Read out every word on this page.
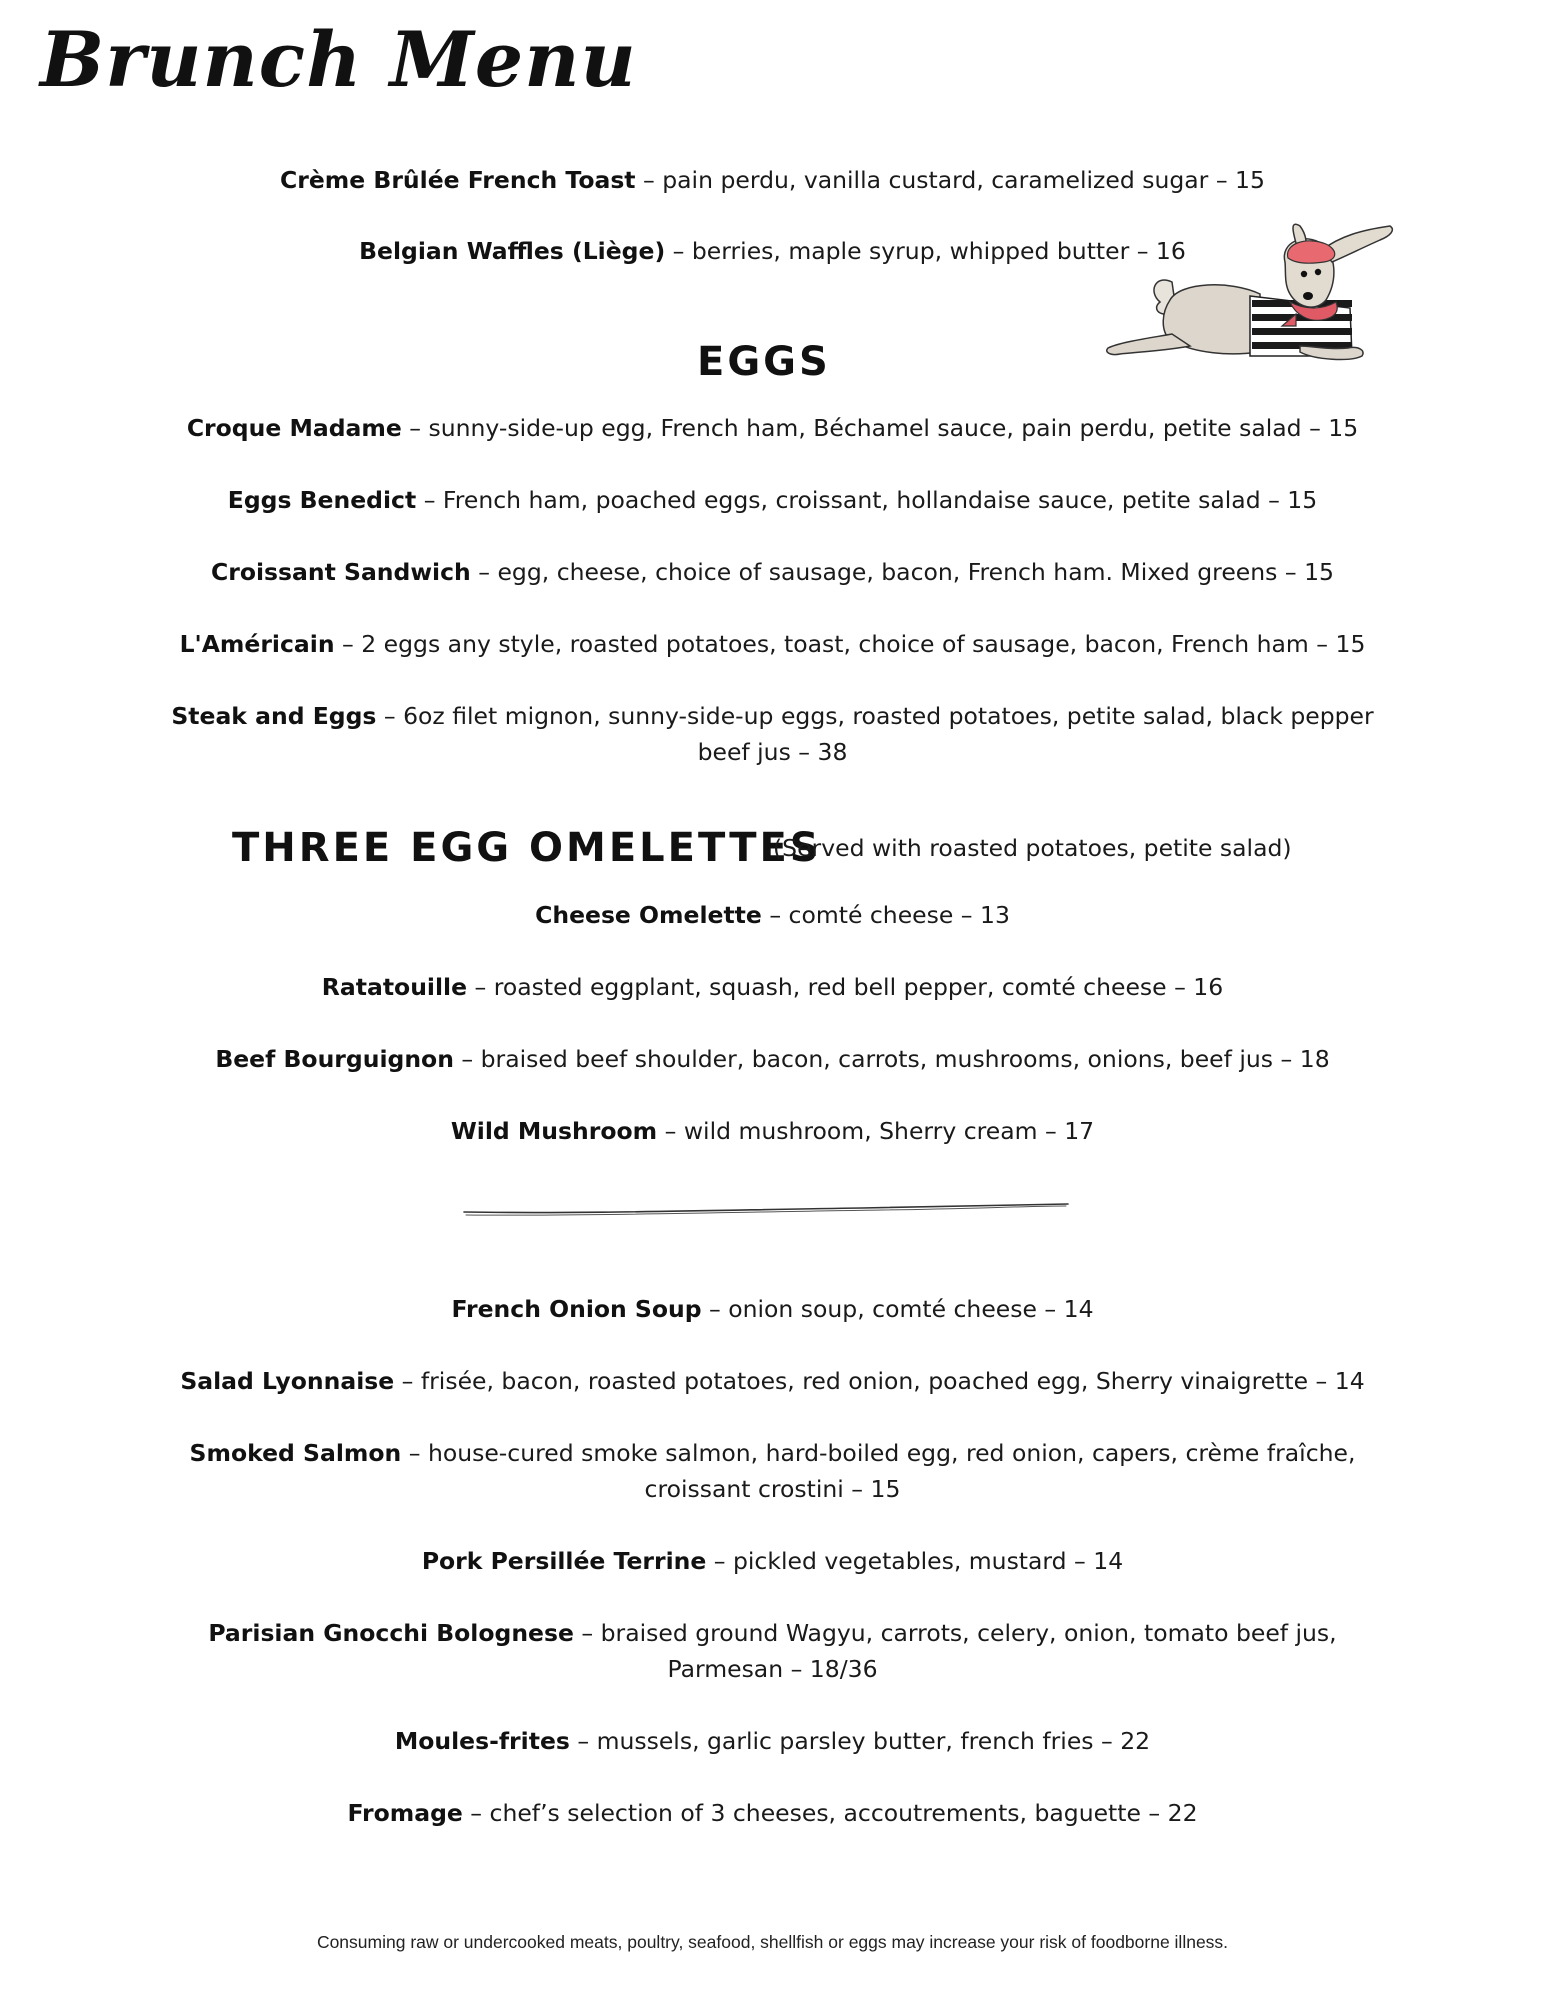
Brunch Menu
Crème Brûlée French Toast – pain perdu, vanilla custard, caramelized sugar – 15
Belgian Waffles (Liège) – berries, maple syrup, whipped butter – 16
EGGS
Croque Madame – sunny-side-up egg, French ham, Béchamel sauce, pain perdu, petite salad – 15
Eggs Benedict – French ham, poached eggs, croissant, hollandaise sauce, petite salad – 15
Croissant Sandwich – egg, cheese, choice of sausage, bacon, French ham. Mixed greens – 15
L'Américain – 2 eggs any style, roasted potatoes, toast, choice of sausage, bacon, French ham – 15
Steak and Eggs – 6oz filet mignon, sunny-side-up eggs, roasted potatoes, petite salad, black pepper beef jus – 38
THREE EGG OMELETTES
(Served with roasted potatoes, petite salad)
Cheese Omelette – comté cheese – 13
Ratatouille – roasted eggplant, squash, red bell pepper, comté cheese – 16
Beef Bourguignon – braised beef shoulder, bacon, carrots, mushrooms, onions, beef jus – 18
Wild Mushroom – wild mushroom, Sherry cream – 17
French Onion Soup – onion soup, comté cheese – 14
Salad Lyonnaise – frisée, bacon, roasted potatoes, red onion, poached egg, Sherry vinaigrette – 14
Smoked Salmon – house-cured smoke salmon, hard-boiled egg, red onion, capers, crème fraîche, croissant crostini – 15
Pork Persillée Terrine – pickled vegetables, mustard – 14
Parisian Gnocchi Bolognese – braised ground Wagyu, carrots, celery, onion, tomato beef jus, Parmesan – 18/36
Moules-frites – mussels, garlic parsley butter, french fries – 22
Fromage – chef’s selection of 3 cheeses, accoutrements, baguette – 22
Consuming raw or undercooked meats, poultry, seafood, shellfish or eggs may increase your risk of foodborne illness.
